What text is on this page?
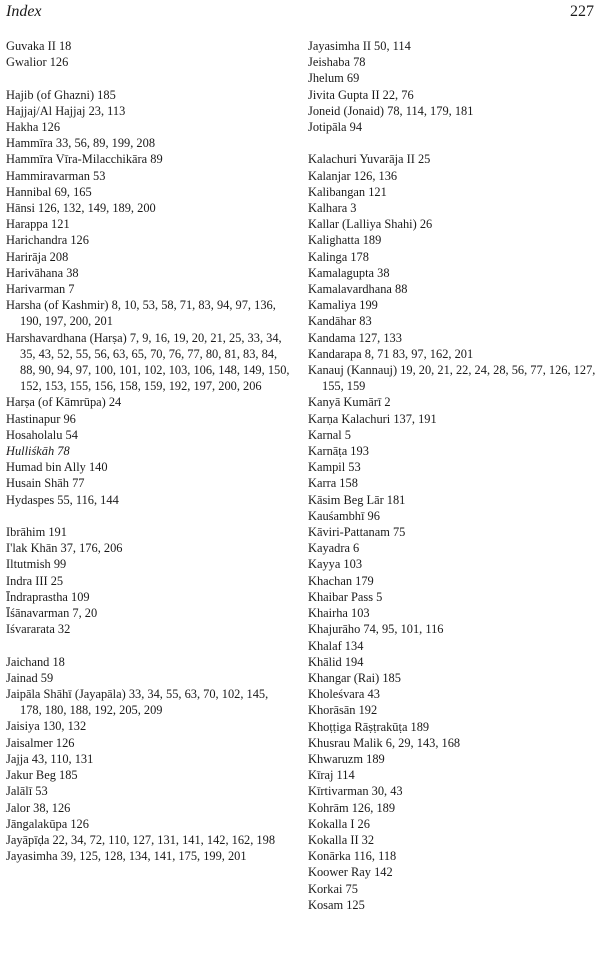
Index	227
Guvaka II 18
Gwalior 126
Hajib (of Ghazni) 185
Hajjaj/Al Hajjaj 23, 113
Hakha 126
Hammīra 33, 56, 89, 199, 208
Hammīra Vīra-Milacchikāra 89
Hammiravarman 53
Hannibal 69, 165
Hānsi 126, 132, 149, 189, 200
Harappa 121
Harichandra 126
Harirāja 208
Harivāhana 38
Harivarman 7
Harsha (of Kashmir) 8, 10, 53, 58, 71, 83, 94, 97, 136, 190, 197, 200, 201
Harshavardhana (Harṣa) 7, 9, 16, 19, 20, 21, 25, 33, 34, 35, 43, 52, 55, 56, 63, 65, 70, 76, 77, 80, 81, 83, 84, 88, 90, 94, 97, 100, 101, 102, 103, 106, 148, 149, 150, 152, 153, 155, 156, 158, 159, 192, 197, 200, 206
Harṣa (of Kāmrūpa) 24
Hastinapur 96
Hosaholalu 54
Hulliśkāh 78
Humad bin Ally 140
Husain Shāh 77
Hydaspes 55, 116, 144
Ibrāhim 191
I'lak Khān 37, 176, 206
Iltutmish 99
Indra III 25
Īndraprastha 109
Īśānavarman 7, 20
Iśvararata 32
Jaichand 18
Jainad 59
Jaipāla Shāhī (Jayapāla) 33, 34, 55, 63, 70, 102, 145, 178, 180, 188, 192, 205, 209
Jaisiya 130, 132
Jaisalmer 126
Jajja 43, 110, 131
Jakur Beg 185
Jalālī 53
Jalor 38, 126
Jāngalakūpa 126
Jayāpīḍa 22, 34, 72, 110, 127, 131, 141, 142, 162, 198
Jayasimha 39, 125, 128, 134, 141, 175, 199, 201
Jayasimha II 50, 114
Jeishaba 78
Jhelum 69
Jivita Gupta II 22, 76
Joneid (Jonaid) 78, 114, 179, 181
Jotipāla 94
Kalachuri Yuvarāja II 25
Kalanjar 126, 136
Kalibangan 121
Kalhara 3
Kallar (Lalliya Shahi) 26
Kalighatta 189
Kalinga 178
Kamalagupta 38
Kamalavardhana 88
Kamaliya 199
Kandāhar 83
Kandama 127, 133
Kandarapa 8, 71 83, 97, 162, 201
Kanauj (Kannauj) 19, 20, 21, 22, 24, 28, 56, 77, 126, 127, 155, 159
Kanyā Kumārī 2
Karṇa Kalachuri 137, 191
Karnal 5
Karnāṭa 193
Kampil 53
Karra 158
Kāsim Beg Lār 181
Kauśambhī 96
Kāviri-Pattanam 75
Kayadra 6
Kayya 103
Khachan 179
Khaibar Pass 5
Khairha 103
Khajurāho 74, 95, 101, 116
Khalaf 134
Khālid 194
Khangar (Rai) 185
Kholeśvara 43
Khorāsān 192
Khoṭṭiga Rāṣṭrakūṭa 189
Khusrau Malik 6, 29, 143, 168
Khwaruzm 189
Kīraj 114
Kīrtivarman 30, 43
Kohrām 126, 189
Kokalla I 26
Kokalla II 32
Konārka 116, 118
Koower Ray 142
Korkai 75
Kosam 125
